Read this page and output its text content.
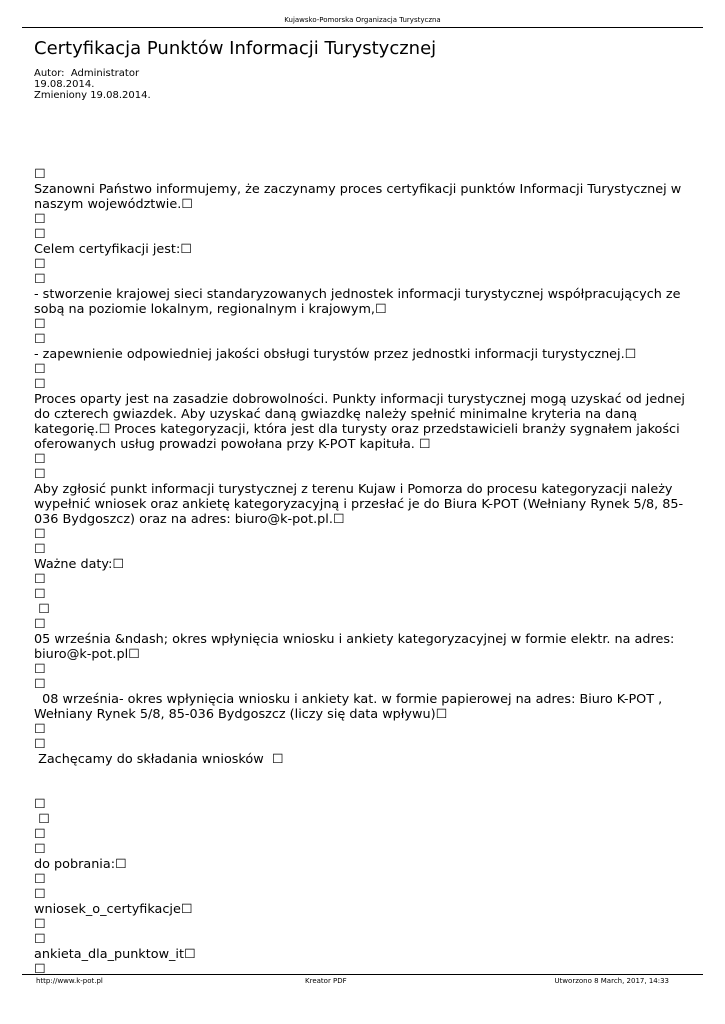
Kujawsko-Pomorska Organizacja Turystyczna
Certyfikacja Punktów Informacji Turystycznej
Autor:  Administrator
19.08.2014.
Zmieniony 19.08.2014.
☐
Szanowni Państwo informujemy, że zaczynamy proces certyfikacji punktów Informacji Turystycznej w naszym województwie.☐
☐
☐
Celem certyfikacji jest:☐
☐
☐
- stworzenie krajowej sieci standaryzowanych jednostek informacji turystycznej współpracujących ze sobą na poziomie lokalnym, regionalnym i krajowym,☐
☐
☐
- zapewnienie odpowiedniej jakości obsługi turystów przez jednostki informacji turystycznej.☐
☐
☐
Proces oparty jest na zasadzie dobrowolności. Punkty informacji turystycznej mogą uzyskać od jednej do czterech gwiazdek. Aby uzyskać daną gwiazdkę należy spełnić minimalne kryteria na daną kategorię.☐ Proces kategoryzacji, która jest dla turysty oraz przedstawicieli branży sygnałem jakości oferowanych usług prowadzi powołana przy K-POT kapituła. ☐
☐
☐
Aby zgłosić punkt informacji turystycznej z terenu Kujaw i Pomorza do procesu kategoryzacji należy wypełnić wniosek oraz ankietę kategoryzacyjną i przesłać je do Biura K-POT (Wełniany Rynek 5/8, 85-036 Bydgoszcz) oraz na adres: biuro@k-pot.pl.☐
☐
☐
Ważne daty:☐
☐
☐
☐
☐
05 września &ndash; okres wpłynięcia wniosku i ankiety kategoryzacyjnej w formie elektr. na adres: biuro@k-pot.pl☐
☐
☐
08 września- okres wpłynięcia wniosku i ankiety kat. w formie papierowej na adres: Biuro K-POT , Wełniany Rynek 5/8, 85-036 Bydgoszcz (liczy się data wpływu)☐
☐
☐
Zachęcamy do składania wniosków  ☐
☐
☐
☐
☐
do pobrania:☐
☐
☐
wniosek_o_certyfikacje☐
☐
☐
ankieta_dla_punktow_it☐
☐
http://www.k-pot.pl	Kreator PDF	Utworzono 8 March, 2017, 14:33
